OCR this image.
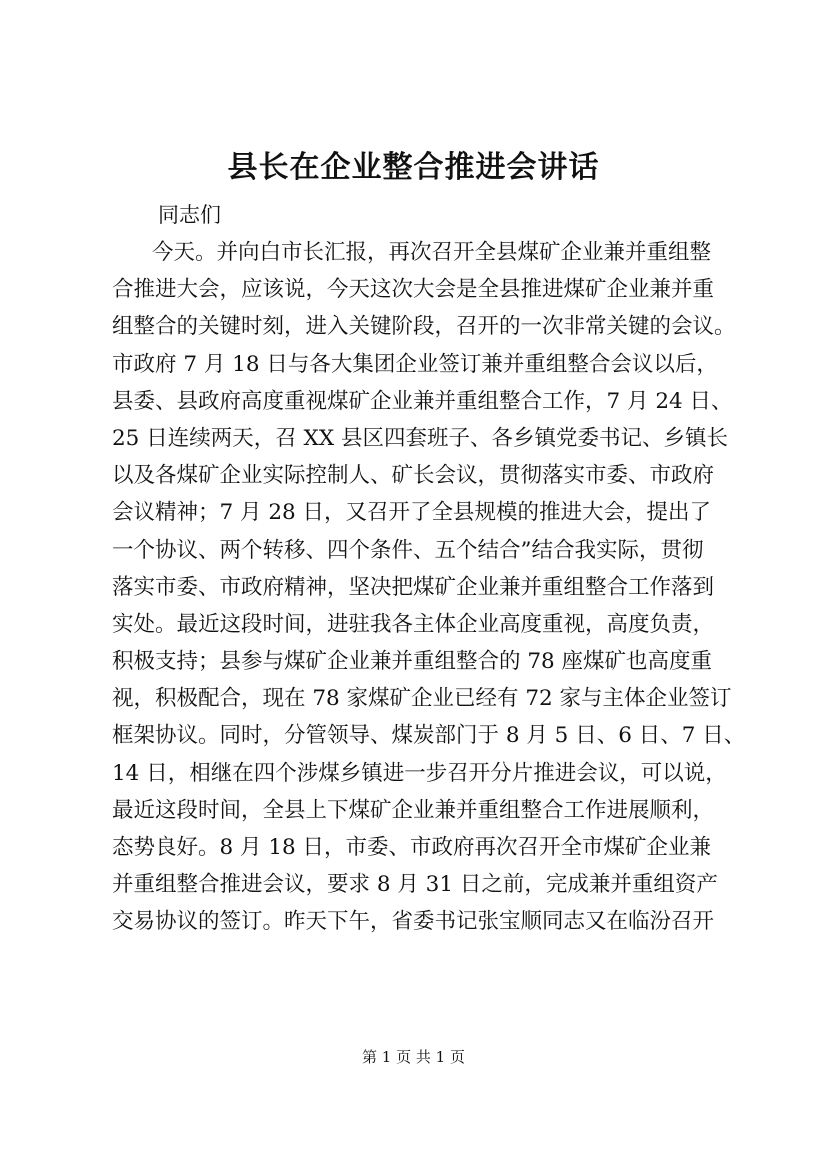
县长在企业整合推进会讲话
同志们
今天。并向白市长汇报，再次召开全县煤矿企业兼并重组整
合推进大会，应该说，今天这次大会是全县推进煤矿企业兼并重
组整合的关键时刻，进入关键阶段，召开的一次非常关键的会议。
市政府 7 月 18 日与各大集团企业签订兼并重组整合会议以后，
县委、县政府高度重视煤矿企业兼并重组整合工作，7 月 24 日、
25 日连续两天，召 XX 县区四套班子、各乡镇党委书记、乡镇长
以及各煤矿企业实际控制人、矿长会议，贯彻落实市委、市政府
会议精神；7 月 28 日，又召开了全县规模的推进大会，提出了
一个协议、两个转移、四个条件、五个结合”结合我实际，贯彻
落实市委、市政府精神，坚决把煤矿企业兼并重组整合工作落到
实处。最近这段时间，进驻我各主体企业高度重视，高度负责，
积极支持；县参与煤矿企业兼并重组整合的 78 座煤矿也高度重
视，积极配合，现在 78 家煤矿企业已经有 72 家与主体企业签订
框架协议。同时，分管领导、煤炭部门于 8 月 5 日、6 日、7 日、
14 日，相继在四个涉煤乡镇进一步召开分片推进会议，可以说，
最近这段时间，全县上下煤矿企业兼并重组整合工作进展顺利，
态势良好。8 月 18 日，市委、市政府再次召开全市煤矿企业兼
并重组整合推进会议，要求 8 月 31 日之前，完成兼并重组资产
交易协议的签订。昨天下午，省委书记张宝顺同志又在临汾召开
第 1 页 共 1 页
